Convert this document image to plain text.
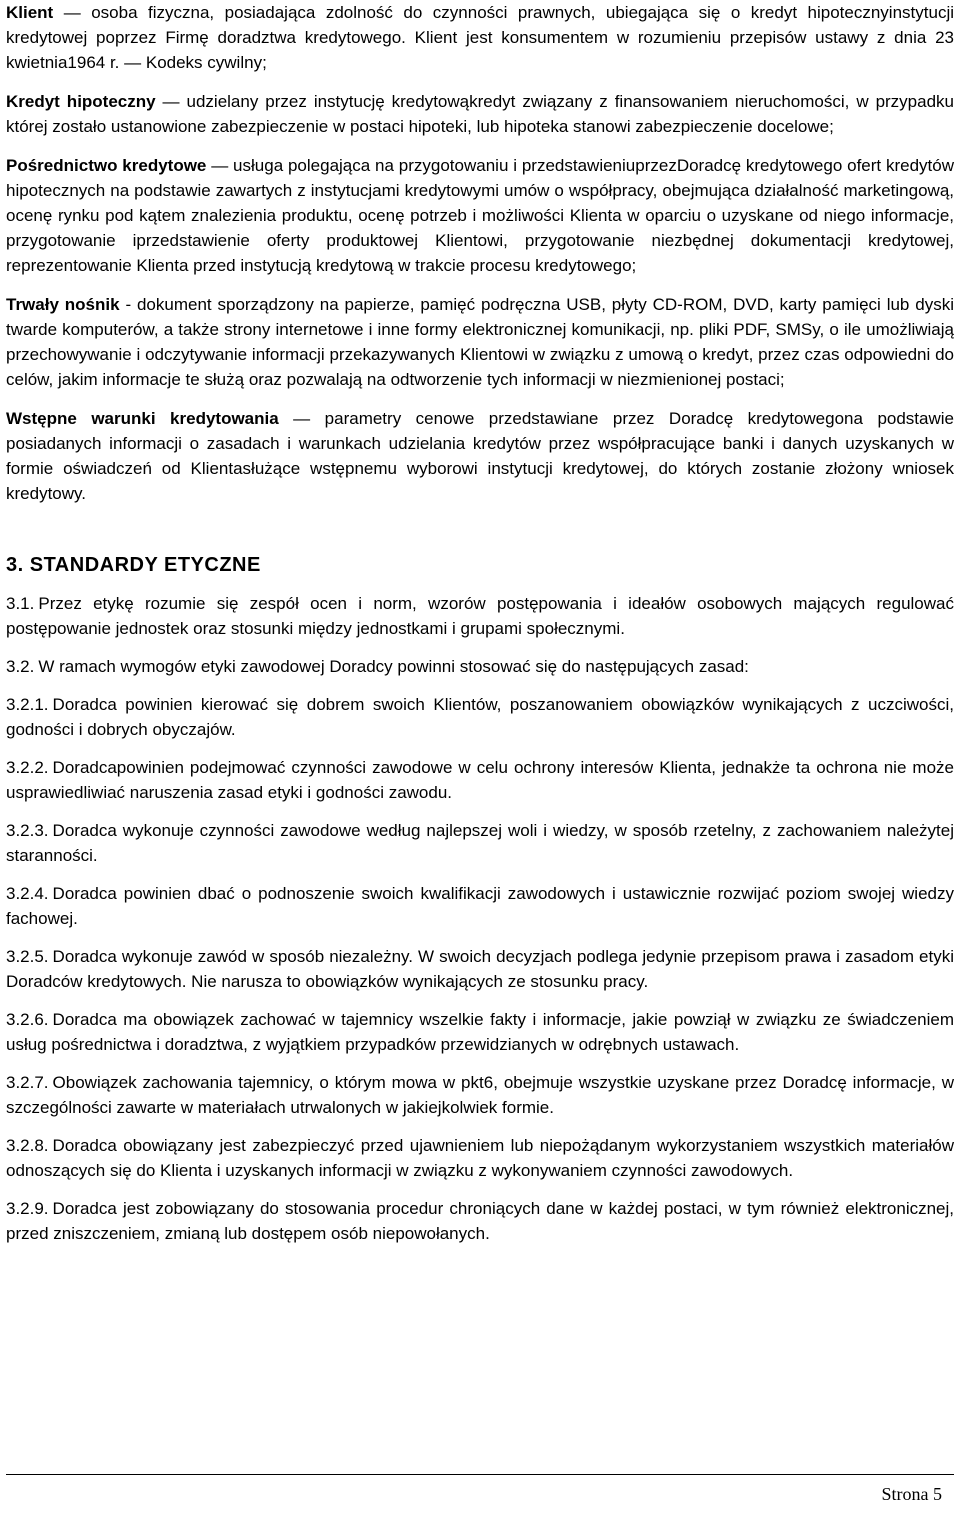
Klient — osoba fizyczna, posiadająca zdolność do czynności prawnych, ubiegająca się o kredyt hipotecznyinstytucji kredytowej poprzez Firmę doradztwa kredytowego. Klient jest konsumentem w rozumieniu przepisów ustawy z dnia 23 kwietnia1964 r. — Kodeks cywilny;

Kredyt hipoteczny — udzielany przez instytucję kredytowąkredyt związany z finansowaniem nieruchomości, w przypadku której zostało ustanowione zabezpieczenie w postaci hipoteki, lub hipoteka stanowi zabezpieczenie docelowe;

Pośrednictwo kredytowe — usługa polegająca na przygotowaniu i przedstawieniuprzezDoradcę kredytowego ofert kredytów hipotecznych na podstawie zawartych z instytucjami kredytowymi umów o współpracy, obejmująca działalność marketingową, ocenę rynku pod kątem znalezienia produktu, ocenę potrzeb i możliwości Klienta w oparciu o uzyskane od niego informacje, przygotowanie iprzedstawienie oferty produktowej Klientowi, przygotowanie niezbędnej dokumentacji kredytowej, reprezentowanie Klienta przed instytucją kredytową w trakcie procesu kredytowego;

Trwały nośnik - dokument sporządzony na papierze, pamięć podręczna USB, płyty CD-ROM, DVD, karty pamięci lub dyski twarde komputerów, a także strony internetowe i inne formy elektronicznej komunikacji, np. pliki PDF, SMSy, o ile umożliwiają przechowywanie i odczytywanie informacji przekazywanych Klientowi w związku z umową o kredyt, przez czas odpowiedni do celów, jakim informacje te służą oraz pozwalają na odtworzenie tych informacji w niezmienionej postaci;

Wstępne warunki kredytowania — parametry cenowe przedstawiane przez Doradcę kredytowegona podstawie posiadanych informacji o zasadach i warunkach udzielania kredytów przez współpracujące banki i danych uzyskanych w formie oświadczeń od Klientasłużące wstępnemu wyborowi instytucji kredytowej, do których zostanie złożony wniosek kredytowy.

3. STANDARDY ETYCZNE

3.1. Przez etykę rozumie się zespół ocen i norm, wzorów postępowania i ideałów osobowych mających regulować postępowanie jednostek oraz stosunki między jednostkami i grupami społecznymi.

3.2. W ramach wymogów etyki zawodowej Doradcy powinni stosować się do następujących zasad:

3.2.1. Doradca powinien kierować się dobrem swoich Klientów, poszanowaniem obowiązków wynikających z uczciwości, godności i dobrych obyczajów.

3.2.2. Doradcapowinien podejmować czynności zawodowe w celu ochrony interesów Klienta, jednakże ta ochrona nie może usprawiedliwiać naruszenia zasad etyki i godności zawodu.

3.2.3. Doradca wykonuje czynności zawodowe według najlepszej woli i wiedzy, w sposób rzetelny, z zachowaniem należytej staranności.

3.2.4. Doradca powinien dbać o podnoszenie swoich kwalifikacji zawodowych i ustawicznie rozwijać poziom swojej wiedzy fachowej.

3.2.5. Doradca wykonuje zawód w sposób niezależny. W swoich decyzjach podlega jedynie przepisom prawa i zasadom etyki Doradców kredytowych. Nie narusza to obowiązków wynikających ze stosunku pracy.

3.2.6. Doradca ma obowiązek zachować w tajemnicy wszelkie fakty i informacje, jakie powziął w związku ze świadczeniem usług pośrednictwa i doradztwa, z wyjątkiem przypadków przewidzianych w odrębnych ustawach.

3.2.7. Obowiązek zachowania tajemnicy, o którym mowa w pkt6, obejmuje wszystkie uzyskane przez Doradcę informacje, w szczególności zawarte w materiałach utrwalonych w jakiejkolwiek formie.

3.2.8. Doradca obowiązany jest zabezpieczyć przed ujawnieniem lub niepożądanym wykorzystaniem wszystkich materiałów odnoszących się do Klienta i uzyskanych informacji w związku z wykonywaniem czynności zawodowych.

3.2.9. Doradca jest zobowiązany do stosowania procedur chroniących dane w każdej postaci, w tym również elektronicznej, przed zniszczeniem, zmianą lub dostępem osób niepowołanych.

Strona 5
